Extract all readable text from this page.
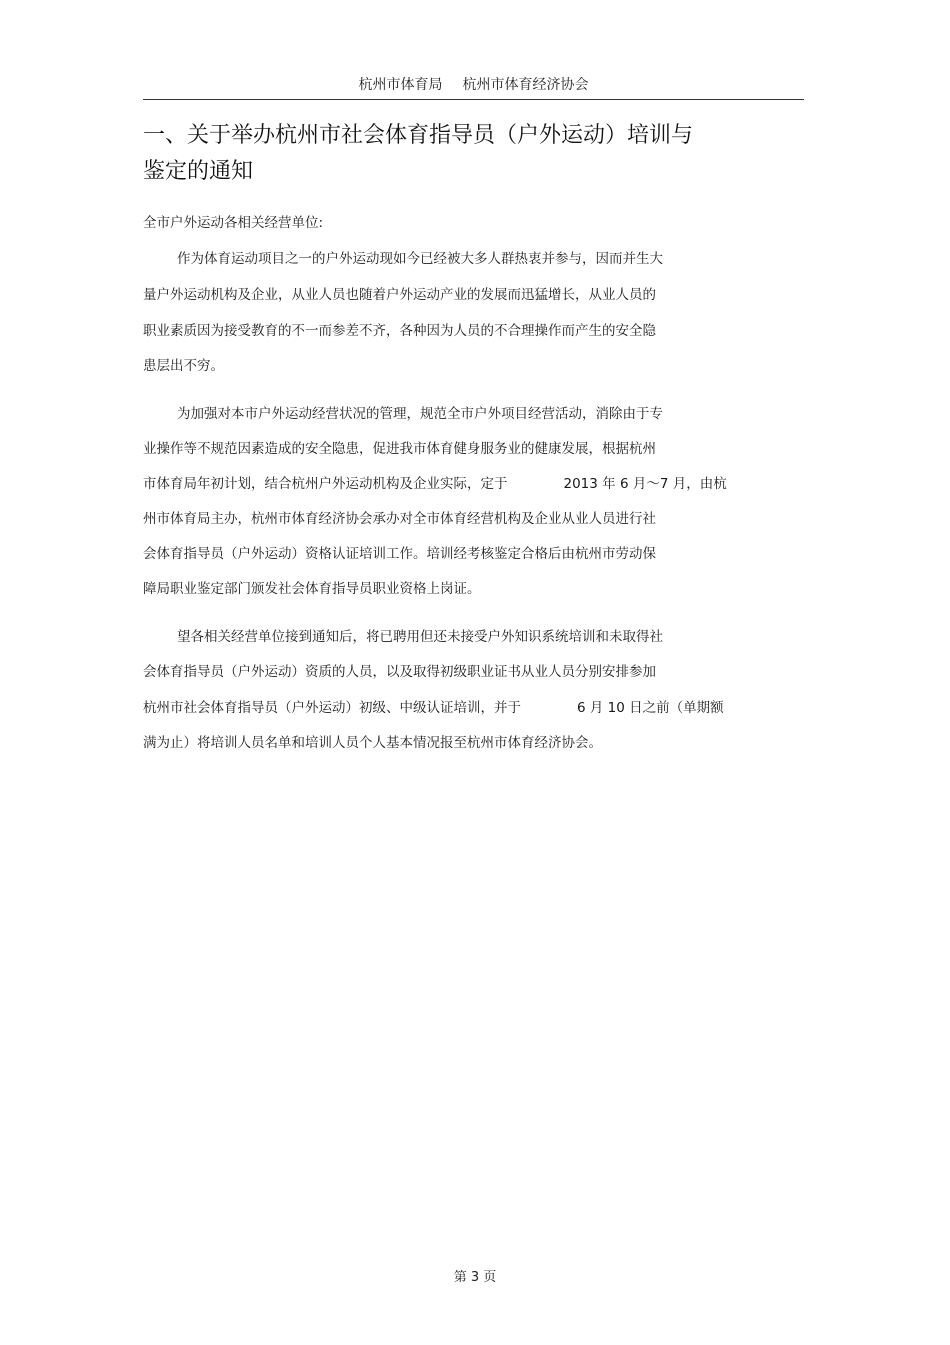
杭州市体育局 杭州市体育经济协会
一、关于举办杭州市社会体育指导员（户外运动）培训与
鉴定的通知
全市户外运动各相关经营单位:
作为体育运动项目之一的户外运动现如今已经被大多人群热衷并参与，因而并生大
量户外运动机构及企业，从业人员也随着户外运动产业的发展而迅猛增长，从业人员的
职业素质因为接受教育的不一而参差不齐，各种因为人员的不合理操作而产生的安全隐
患层出不穷。
为加强对本市户外运动经营状况的管理，规范全市户外项目经营活动，消除由于专
业操作等不规范因素造成的安全隐患，促进我市体育健身服务业的健康发展，根据杭州
市体育局年初计划，结合杭州户外运动机构及企业实际，定于	2013 年 6 月～7 月，由杭
州市体育局主办，杭州市体育经济协会承办对全市体育经营机构及企业从业人员进行社
会体育指导员（户外运动）资格认证培训工作。培训经考核鉴定合格后由杭州市劳动保
障局职业鉴定部门颁发社会体育指导员职业资格上岗证。
望各相关经营单位接到通知后，将已聘用但还未接受户外知识系统培训和未取得社
会体育指导员（户外运动）资质的人员，以及取得初级职业证书从业人员分别安排参加
杭州市社会体育指导员（户外运动）初级、中级认证培训，并于	6 月 10 日之前（单期额
满为止）将培训人员名单和培训人员个人基本情况报至杭州市体育经济协会。
第 3 页
